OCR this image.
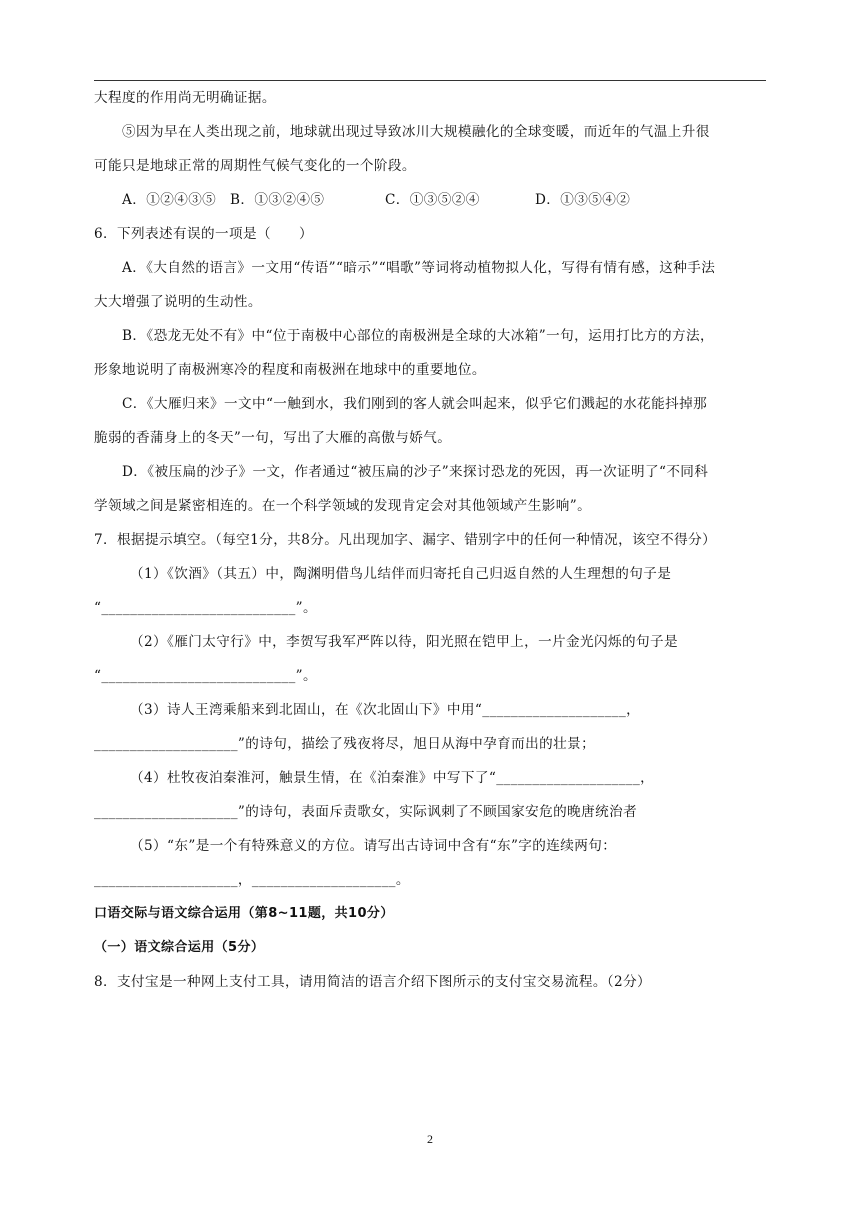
大程度的作用尚无明确证据。
⑤因为早在人类出现之前，地球就出现过导致冰川大规模融化的全球变暖，而近年的气温上升很
可能只是地球正常的周期性气候气变化的一个阶段。
A．①②④③⑤ B．①③②④⑤	C．①③⑤②④	D．①③⑤④②
6．下列表述有误的一项是（　　）
A．《大自然的语言》一文用“传语”“暗示”“唱歌”等词将动植物拟人化，写得有情有感，这种手法
大大增强了说明的生动性。
B．《恐龙无处不有》中“位于南极中心部位的南极洲是全球的大冰箱”一句，运用打比方的方法，
形象地说明了南极洲寒冷的程度和南极洲在地球中的重要地位。
C．《大雁归来》一文中“一触到水，我们刚到的客人就会叫起来，似乎它们溅起的水花能抖掉那
脆弱的香蒲身上的冬天”一句，写出了大雁的高傲与娇气。
D．《被压扁的沙子》一文，作者通过“被压扁的沙子”来探讨恐龙的死因，再一次证明了“不同科
学领域之间是紧密相连的。在一个科学领域的发现肯定会对其他领域产生影响”。
7．根据提示填空。（每空1分，共8分。凡出现加字、漏字、错别字中的任何一种情况，该空不得分）
（1）《饮酒》（其五）中，陶渊明借鸟儿结伴而归寄托自己归返自然的人生理想的句子是
“___________________________”。
（2）《雁门太守行》中，李贺写我军严阵以待，阳光照在铠甲上，一片金光闪烁的句子是
“___________________________”。
（3）诗人王湾乘船来到北固山，在《次北固山下》中用“____________________，
____________________”的诗句，描绘了残夜将尽，旭日从海中孕育而出的壮景；
（4）杜牧夜泊秦淮河，触景生情，在《泊秦淮》中写下了“____________________，
____________________”的诗句，表面斥责歌女，实际讽刺了不顾国家安危的晚唐统治者
（5）“东”是一个有特殊意义的方位。请写出古诗词中含有“东”字的连续两句：
____________________，____________________。
口语交际与语文综合运用（第8~11题，共10分）
（一）语文综合运用（5分）
8．支付宝是一种网上支付工具，请用简洁的语言介绍下图所示的支付宝交易流程。（2分）
2
